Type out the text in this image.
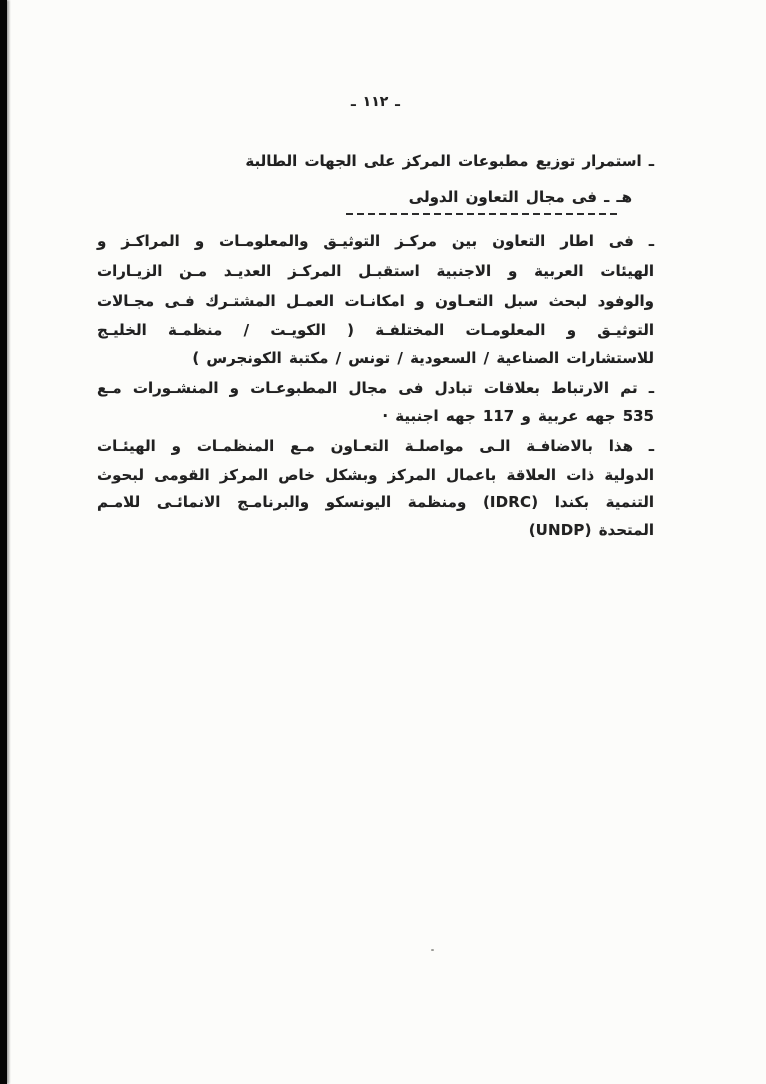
ـ ١١٢ ـ
ـ استمرار توزيع مطبوعات المركز على الجهات الطالبة
هـ ـ فى مجال التعاون الدولى
ـ فى اطار التعاون بين مركـز التوثيـق والمعلومـات و المراكـز و
الهيئات العربية و الاجنبية استقبـل المركـز العديـد مـن الزيـارات
والوفود لبحث سبل التعـاون و امكانـات العمـل المشتـرك فـى مجـالات
التوثيـق و المعلومـات المختلفـة ( الكويـت / منظمـة الخليـج
للاستشارات الصناعية / السعودية / تونس / مكتبة الكونجرس )
ـ تم الارتباط بعلاقات تبادل فى مجال المطبوعـات و المنشـورات مـع
535 جهه عربية و 117 جهه اجنبية ·
ـ هذا بالاضافـة الـى مواصلـة التعـاون مـع المنظمـات و الهيئـات
الدولية ذات العلاقة باعمال المركز وبشكل خاص المركز القومى لبحوث
التنمية بكندا (IDRC) ومنظمة اليونسكو والبرنامـج الانمائـى للامـم
المتحدة (UNDP)
